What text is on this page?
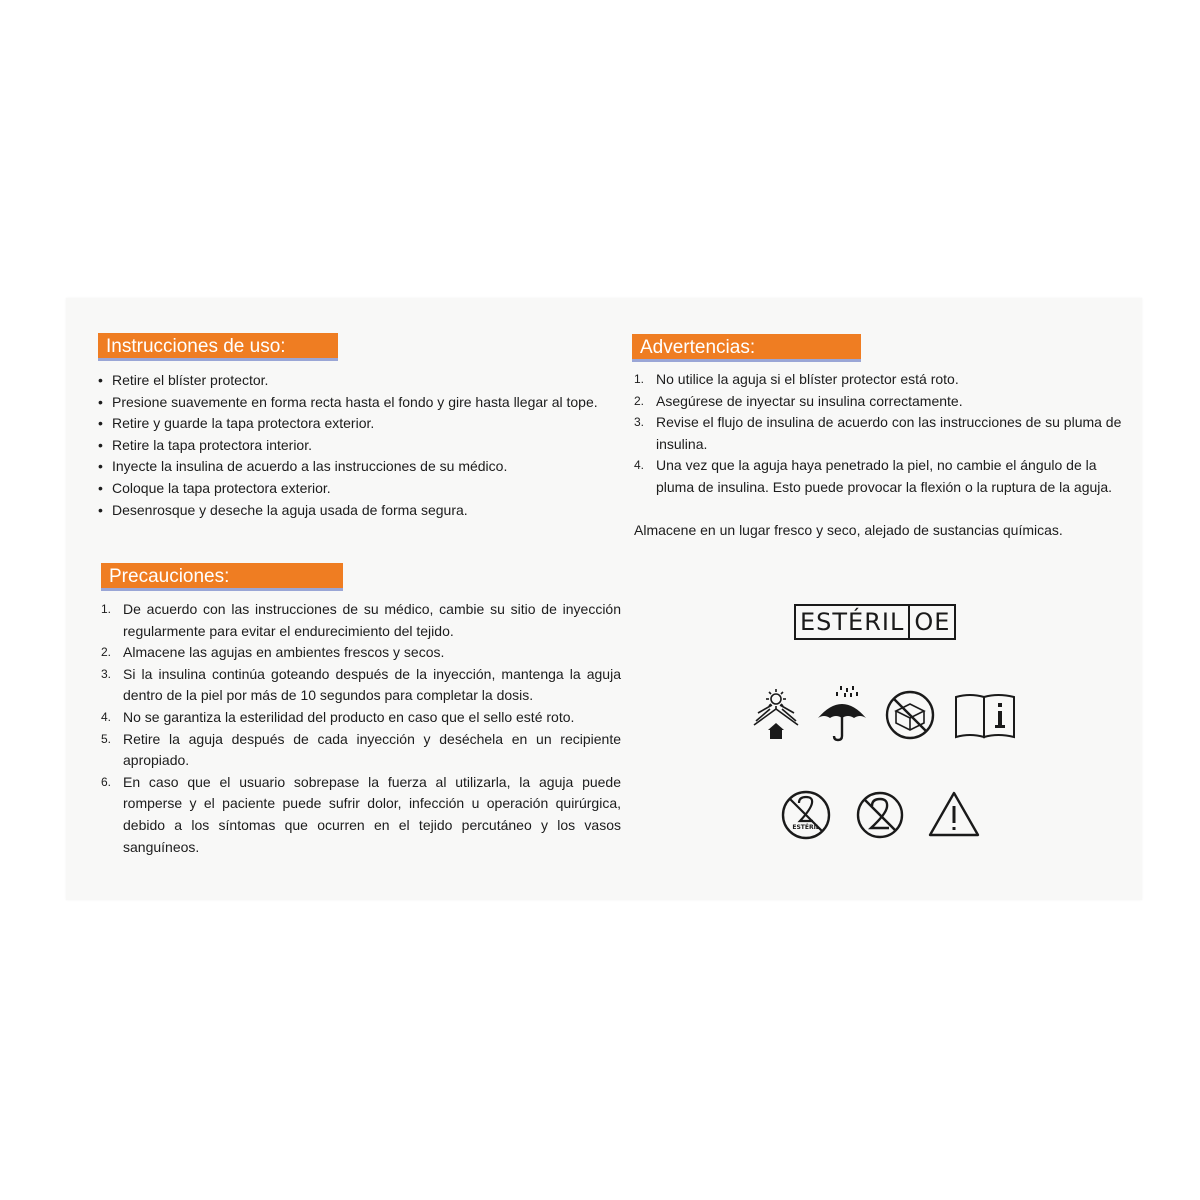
Instrucciones de uso:
• Retire el blíster protector.
• Presione suavemente en forma recta hasta el fondo y gire hasta llegar al tope.
• Retire y guarde la tapa protectora exterior.
• Retire la tapa protectora interior.
• Inyecte la insulina de acuerdo a las instrucciones de su médico.
• Coloque la tapa protectora exterior.
• Desenrosque y deseche la aguja usada de forma segura.
Precauciones:
1. De acuerdo con las instrucciones de su médico, cambie su sitio de inyección regularmente para evitar el endurecimiento del tejido.
2. Almacene las agujas en ambientes frescos y secos.
3. Si la insulina continúa goteando después de la inyección, mantenga la aguja dentro de la piel por más de 10 segundos para completar la dosis.
4. No se garantiza la esterilidad del producto en caso que el sello esté roto.
5. Retire la aguja después de cada inyección y deséchela en un recipiente apropiado.
6. En caso que el usuario sobrepase la fuerza al utilizarla, la aguja puede romperse y el paciente puede sufrir dolor, infección u operación quirúrgica, debido a los síntomas que ocurren en el tejido percutáneo y los vasos sanguíneos.
Advertencias:
1. No utilice la aguja si el blíster protector está roto.
2. Asegúrese de inyectar su insulina correctamente.
3. Revise el flujo de insulina de acuerdo con las instrucciones de su pluma de insulina.
4. Una vez que la aguja haya penetrado la piel, no cambie el ángulo de la pluma de insulina. Esto puede provocar la flexión o la ruptura de la aguja.
Almacene en un lugar fresco y seco, alejado de sustancias químicas.
ESTÉRIL OE
ESTÉRIL
